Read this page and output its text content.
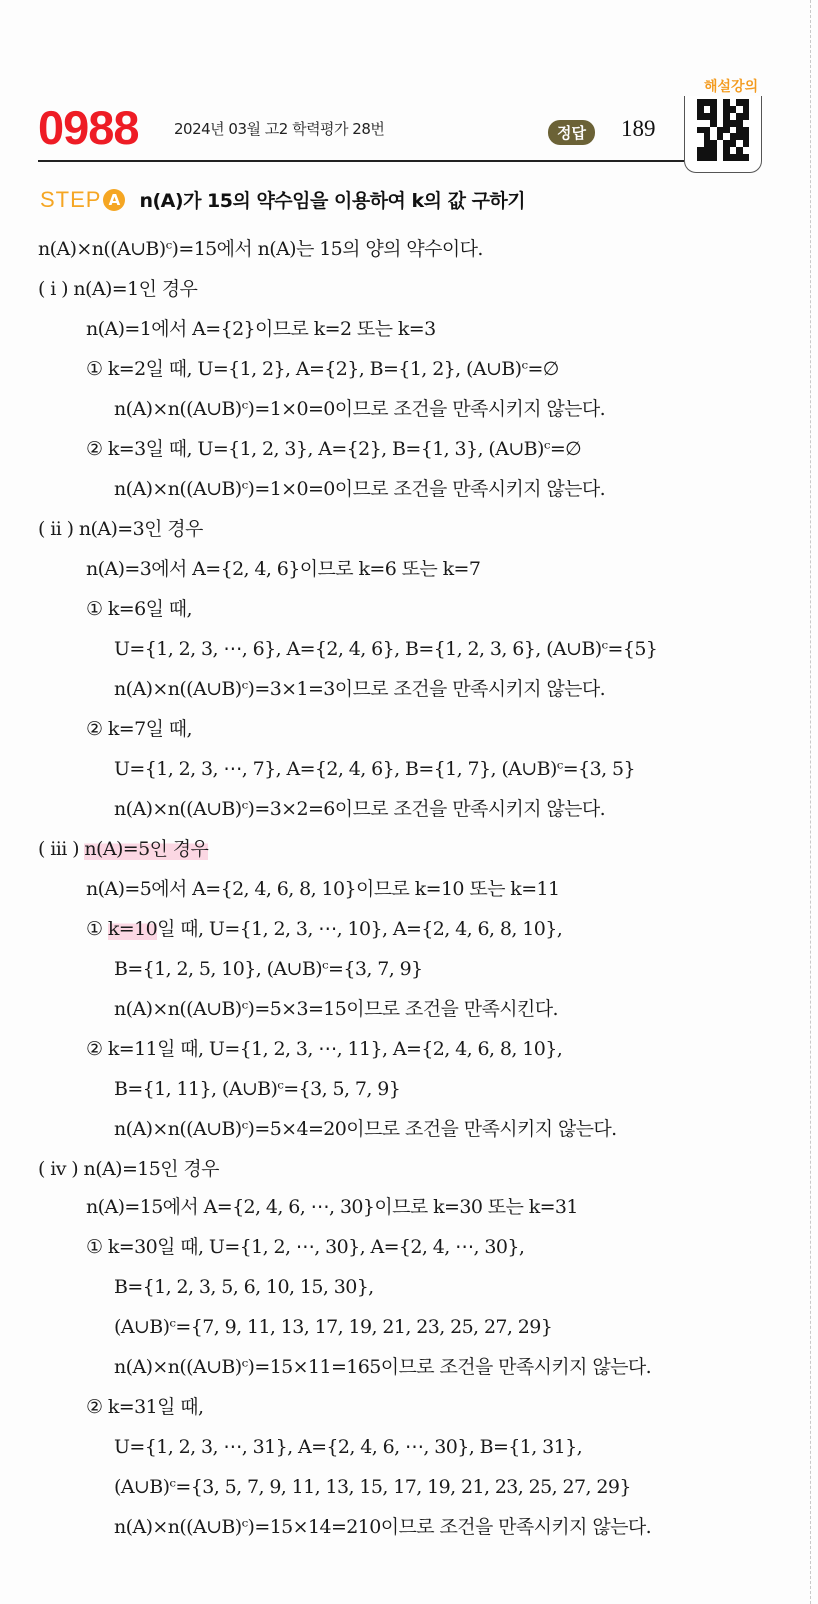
0988 2024년 03월 고2 학력평가 28번	정답	189
해설강의
STEP A n(A)가 15의 약수임을 이용하여 k의 값 구하기
n(A)×n((A∪B)ᶜ)=15에서 n(A)는 15의 양의 약수이다.
( i ) n(A)=1인 경우
n(A)=1에서 A={2}이므로 k=2 또는 k=3
① k=2일 때, U={1, 2}, A={2}, B={1, 2}, (A∪B)ᶜ=∅
n(A)×n((A∪B)ᶜ)=1×0=0이므로 조건을 만족시키지 않는다.
② k=3일 때, U={1, 2, 3}, A={2}, B={1, 3}, (A∪B)ᶜ=∅
n(A)×n((A∪B)ᶜ)=1×0=0이므로 조건을 만족시키지 않는다.
( ii ) n(A)=3인 경우
n(A)=3에서 A={2, 4, 6}이므로 k=6 또는 k=7
① k=6일 때,
U={1, 2, 3, ⋯, 6}, A={2, 4, 6}, B={1, 2, 3, 6}, (A∪B)ᶜ={5}
n(A)×n((A∪B)ᶜ)=3×1=3이므로 조건을 만족시키지 않는다.
② k=7일 때,
U={1, 2, 3, ⋯, 7}, A={2, 4, 6}, B={1, 7}, (A∪B)ᶜ={3, 5}
n(A)×n((A∪B)ᶜ)=3×2=6이므로 조건을 만족시키지 않는다.
n(A)=5에서 A={2, 4, 6, 8, 10}이므로 k=10 또는 k=11
B={1, 2, 5, 10}, (A∪B)ᶜ={3, 7, 9}
n(A)×n((A∪B)ᶜ)=5×3=15이므로 조건을 만족시킨다.
② k=11일 때, U={1, 2, 3, ⋯, 11}, A={2, 4, 6, 8, 10},
B={1, 11}, (A∪B)ᶜ={3, 5, 7, 9}
n(A)×n((A∪B)ᶜ)=5×4=20이므로 조건을 만족시키지 않는다.
( iv ) n(A)=15인 경우
n(A)=15에서 A={2, 4, 6, ⋯, 30}이므로 k=30 또는 k=31
① k=30일 때, U={1, 2, ⋯, 30}, A={2, 4, ⋯, 30},
B={1, 2, 3, 5, 6, 10, 15, 30},
(A∪B)ᶜ={7, 9, 11, 13, 17, 19, 21, 23, 25, 27, 29}
n(A)×n((A∪B)ᶜ)=15×11=165이므로 조건을 만족시키지 않는다.
② k=31일 때,
U={1, 2, 3, ⋯, 31}, A={2, 4, 6, ⋯, 30}, B={1, 31},
(A∪B)ᶜ={3, 5, 7, 9, 11, 13, 15, 17, 19, 21, 23, 25, 27, 29}
n(A)×n((A∪B)ᶜ)=15×14=210이므로 조건을 만족시키지 않는다.
( iii ) n(A)=5인 경우
① k=10일 때, U={1, 2, 3, ⋯, 10}, A={2, 4, 6, 8, 10},
